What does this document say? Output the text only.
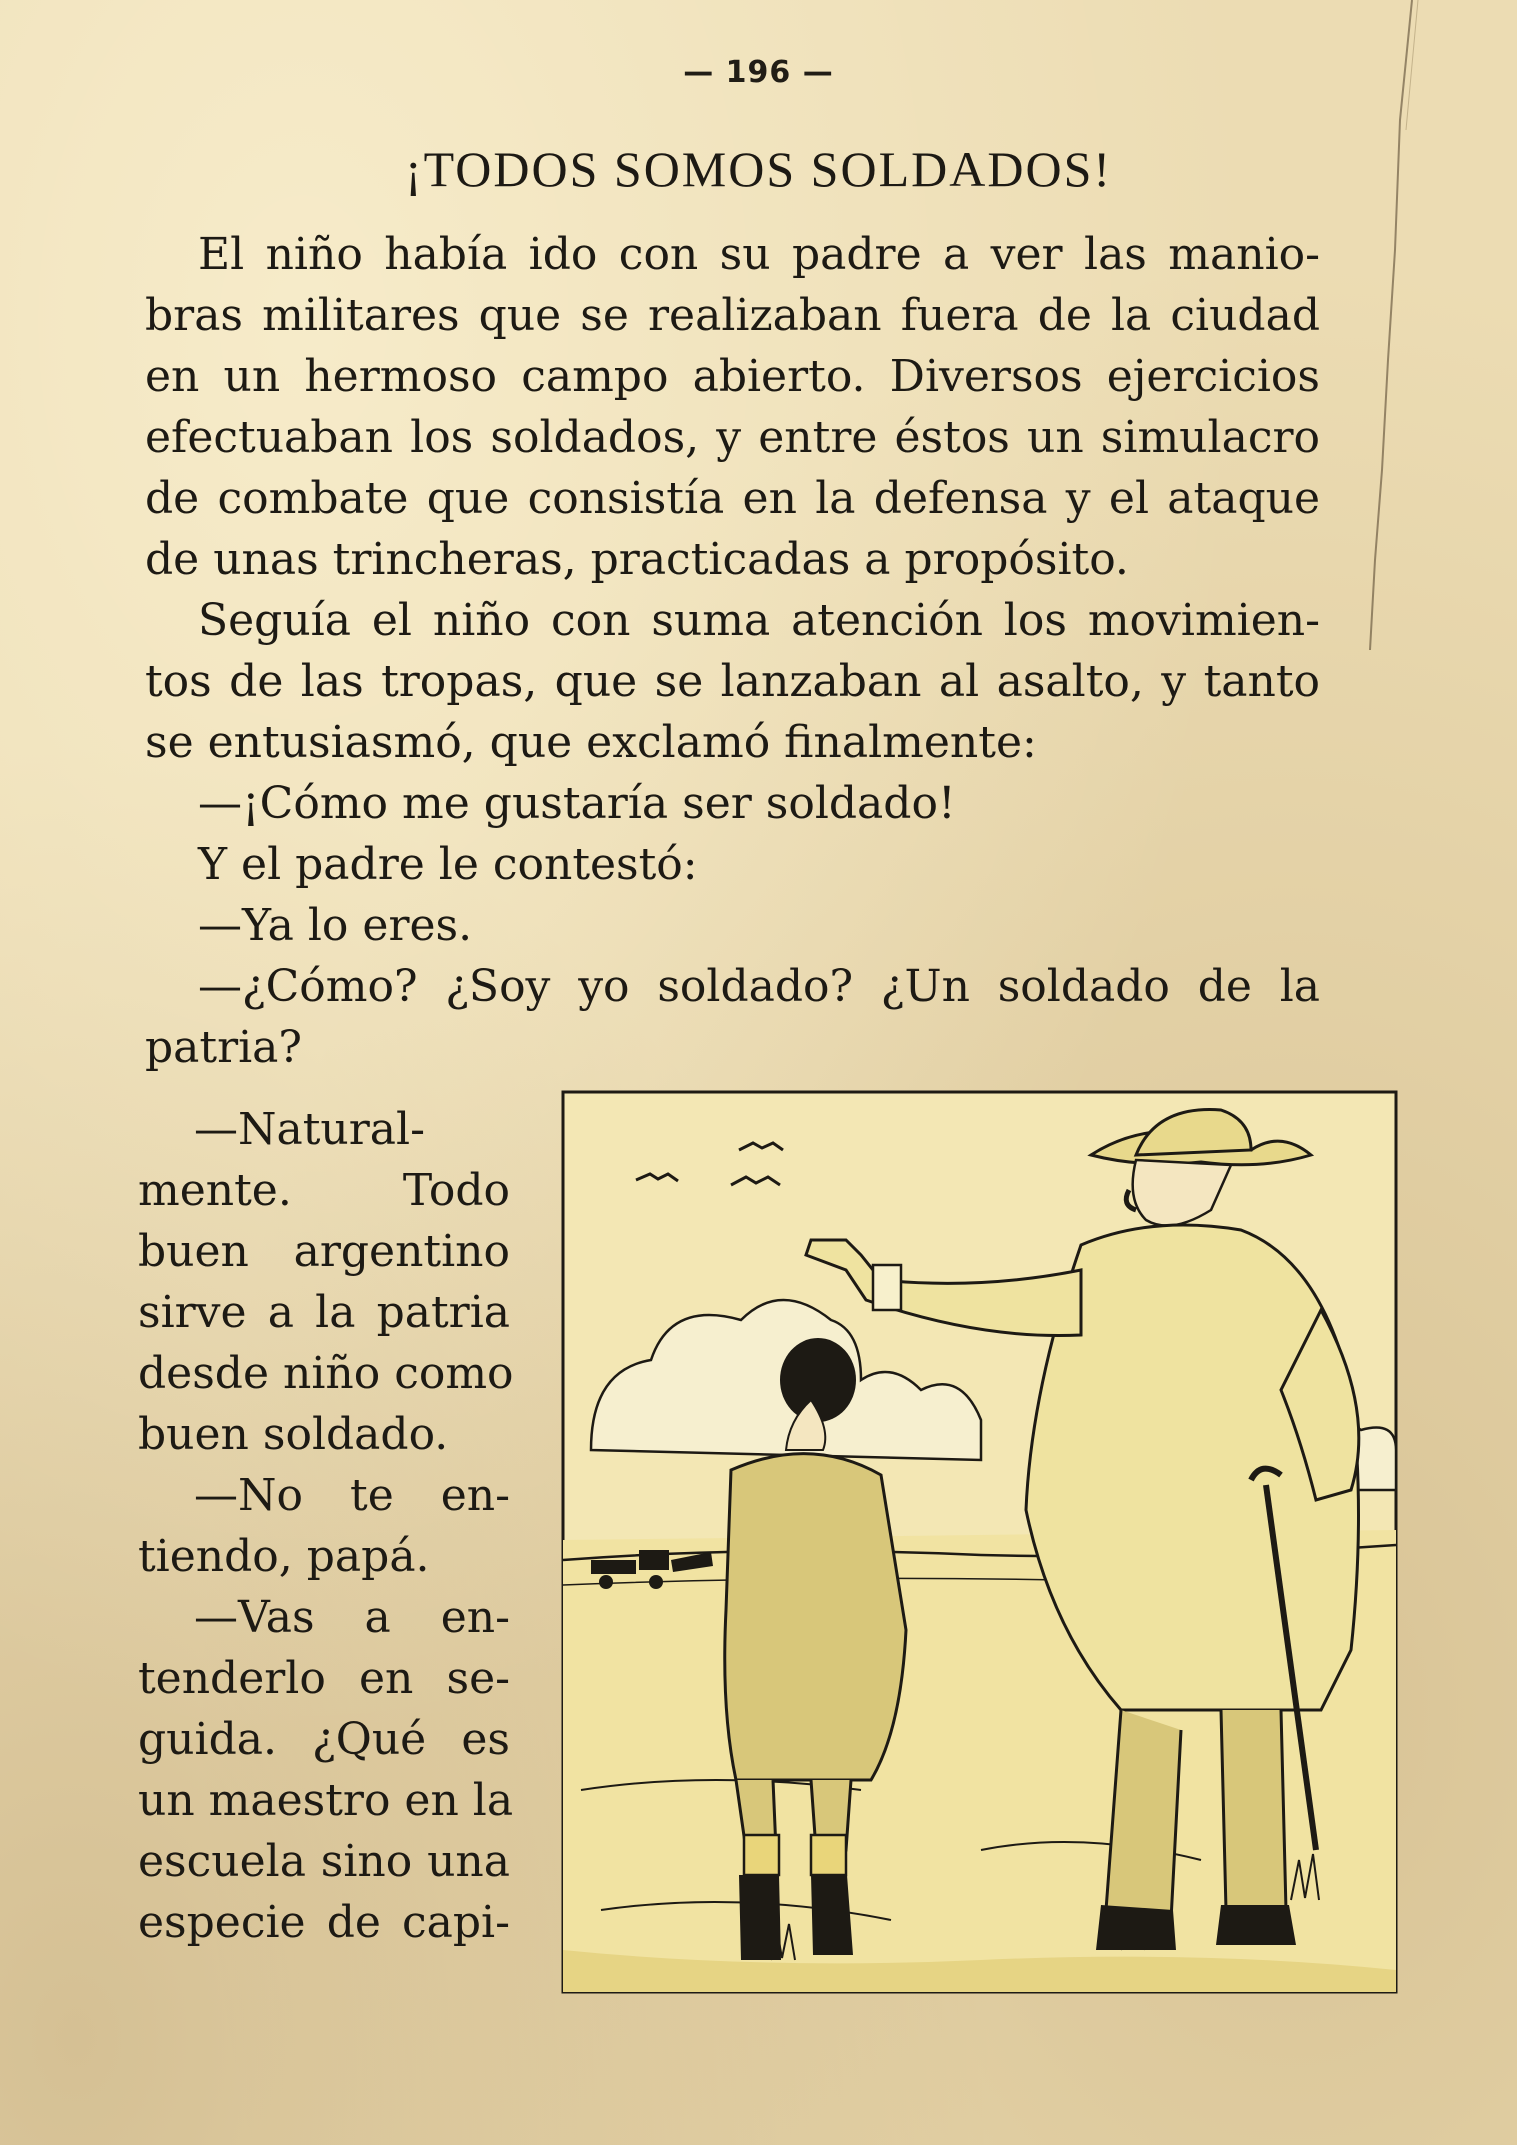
— 196 —
¡TODOS SOMOS SOLDADOS!
El niño había ido con su padre a ver las manio-
bras militares que se realizaban fuera de la ciudad
en un hermoso campo abierto. Diversos ejercicios
efectuaban los soldados, y entre éstos un simulacro
de combate que consistía en la defensa y el ataque
de unas trincheras, practicadas a propósito.
Seguía el niño con suma atención los movimien-
tos de las tropas, que se lanzaban al asalto, y tanto
se entusiasmó, que exclamó finalmente:
—¡Cómo me gustaría ser soldado!
Y el padre le contestó:
—Ya lo eres.
—¿Cómo? ¿Soy yo soldado? ¿Un soldado de la
patria?
—Natural-
mente. Todo
buen argentino
sirve a la patria
desde niño como
buen soldado.
—No te en-
tiendo, papá.
—Vas a en-
tenderlo en se-
guida. ¿Qué es
un maestro en la
escuela sino una
especie de capi-
